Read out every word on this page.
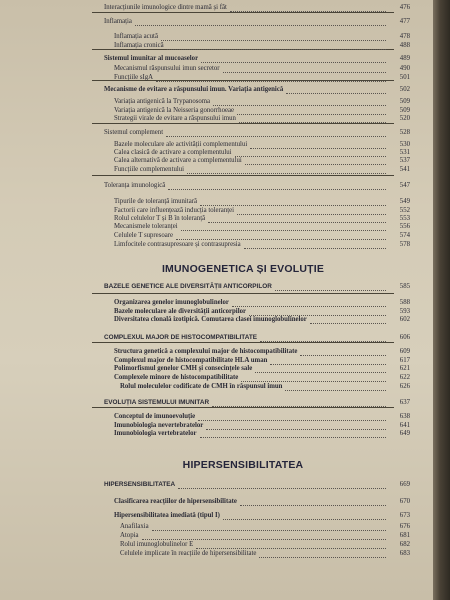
Interacțiunile imunologice dintre mamă și făt	476
Inflamația	477
Inflamația acută	478
Inflamația cronică	488
Sistemul imunitar al mucoaselor	489
Mecanismul răspunsului imun secretor	490
Funcțiile sIgA	501
Mecanisme de evitare a răspunsului imun. Variația antigenică	502
Variația antigenică la Trypanosoma	509
Variația antigenică la Neisseria gonorrhoeae	509
Strategii virale de evitare a răspunsului imun	520
Sistemul complement	528
Bazele moleculare ale activității complementului	530
Calea clasică de activare a complementului	531
Calea alternativă de activare a complementului	537
Funcțiile complementului	541
Toleranța imunologică	547
Tipurile de toleranță imunitară	549
Factorii care influențează inducția toleranței	552
Rolul celulelor T și B în toleranță	553
Mecanismele toleranței	556
Celulele T supresoare	574
Limfocitele contrasupresoare și contrasupresia	578
IMUNOGENETICA ȘI EVOLUȚIE
BAZELE GENETICE ALE DIVERSITĂȚII ANTICORPILOR	585
Organizarea genelor imunoglobulinelor	588
Bazele moleculare ale diversității anticorpilor	593
Diversitatea clonală izotipică. Comutarea clasei imunoglobulinelor	602
COMPLEXUL MAJOR DE HISTOCOMPATIBILITATE	606
Structura genetică a complexului major de histocompatibilitate	609
Complexul major de histocompatibilitate HLA uman	617
Polimorfismul genelor CMH și consecințele sale	621
Complexele minore de histocompatibilitate	622
Rolul moleculelor codificate de CMH în răspunsul imun	626
EVOLUȚIA SISTEMULUI IMUNITAR	637
Conceptul de imunoevoluție	638
Imunobiologia nevertebratelor	641
Imunobiologia vertebratelor	649
HIPERSENSIBILITATEA
HIPERSENSIBILITATEA	669
Clasificarea reacțiilor de hipersensibilitate	670
Hipersensibilitatea imediată (tipul I)	673
Anafilaxia	676
Atopia	681
Rolul imunoglobulinelor E	682
Celulele implicate în reacțiile de hipersensibilitate	683
